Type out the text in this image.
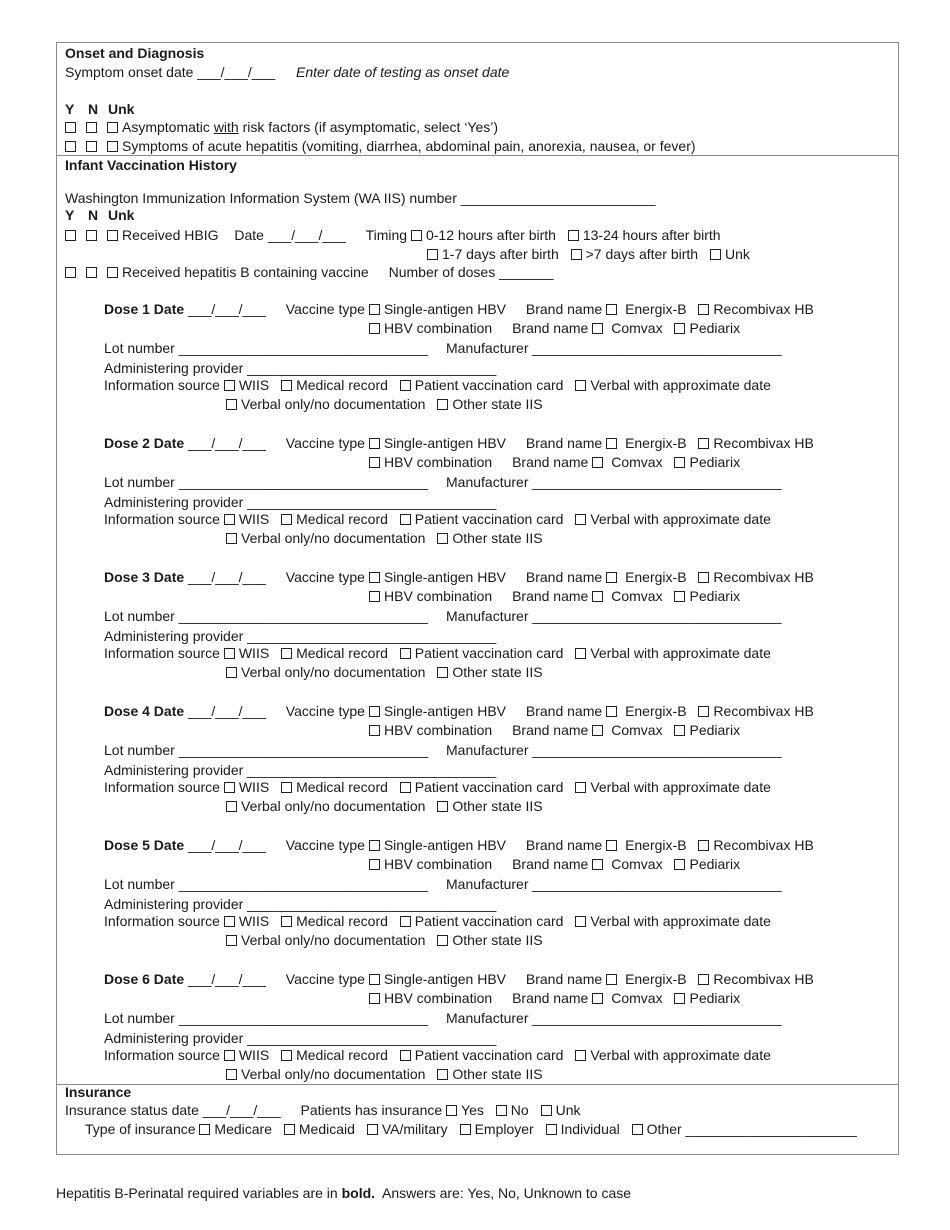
Onset and Diagnosis
Symptom onset date ___/___/___ Enter date of testing as onset date
Y N Unk
Asymptomatic with risk factors (if asymptomatic, select ‘Yes’)
Symptoms of acute hepatitis (vomiting, diarrhea, abdominal pain, anorexia, nausea, or fever)
Infant Vaccination History
Washington Immunization Information System (WA IIS) number _________________________
Y N Unk
Received HBIG Date ___/___/___ Timing 0-12 hours after birth 13-24 hours after birth
1-7 days after birth >7 days after birth Unk
Received hepatitis B containing vaccine Number of doses _______
Dose 1 Date ___/___/___ Vaccine type Single-antigen HBV Brand name Energix-B Recombivax HB
HBV combination Brand name Comvax Pediarix
Lot number ________________________________ Manufacturer ________________________________
Administering provider ________________________________
Information source WIIS Medical record Patient vaccination card Verbal with approximate date
Verbal only/no documentation Other state IIS
Dose 2 Date ___/___/___ Vaccine type Single-antigen HBV Brand name Energix-B Recombivax HB
HBV combination Brand name Comvax Pediarix
Lot number ________________________________ Manufacturer ________________________________
Administering provider ________________________________
Information source WIIS Medical record Patient vaccination card Verbal with approximate date
Verbal only/no documentation Other state IIS
Dose 3 Date ___/___/___ Vaccine type Single-antigen HBV Brand name Energix-B Recombivax HB
HBV combination Brand name Comvax Pediarix
Lot number ________________________________ Manufacturer ________________________________
Administering provider ________________________________
Information source WIIS Medical record Patient vaccination card Verbal with approximate date
Verbal only/no documentation Other state IIS
Dose 4 Date ___/___/___ Vaccine type Single-antigen HBV Brand name Energix-B Recombivax HB
HBV combination Brand name Comvax Pediarix
Lot number ________________________________ Manufacturer ________________________________
Administering provider ________________________________
Information source WIIS Medical record Patient vaccination card Verbal with approximate date
Verbal only/no documentation Other state IIS
Dose 5 Date ___/___/___ Vaccine type Single-antigen HBV Brand name Energix-B Recombivax HB
HBV combination Brand name Comvax Pediarix
Lot number ________________________________ Manufacturer ________________________________
Administering provider ________________________________
Information source WIIS Medical record Patient vaccination card Verbal with approximate date
Verbal only/no documentation Other state IIS
Dose 6 Date ___/___/___ Vaccine type Single-antigen HBV Brand name Energix-B Recombivax HB
HBV combination Brand name Comvax Pediarix
Lot number ________________________________ Manufacturer ________________________________
Administering provider ________________________________
Information source WIIS Medical record Patient vaccination card Verbal with approximate date
Verbal only/no documentation Other state IIS
Insurance
Insurance status date ___/___/___ Patients has insurance Yes No Unk
Type of insurance Medicare Medicaid VA/military Employer Individual Other ______________________
Hepatitis B-Perinatal required variables are in bold.  Answers are: Yes, No, Unknown to case
